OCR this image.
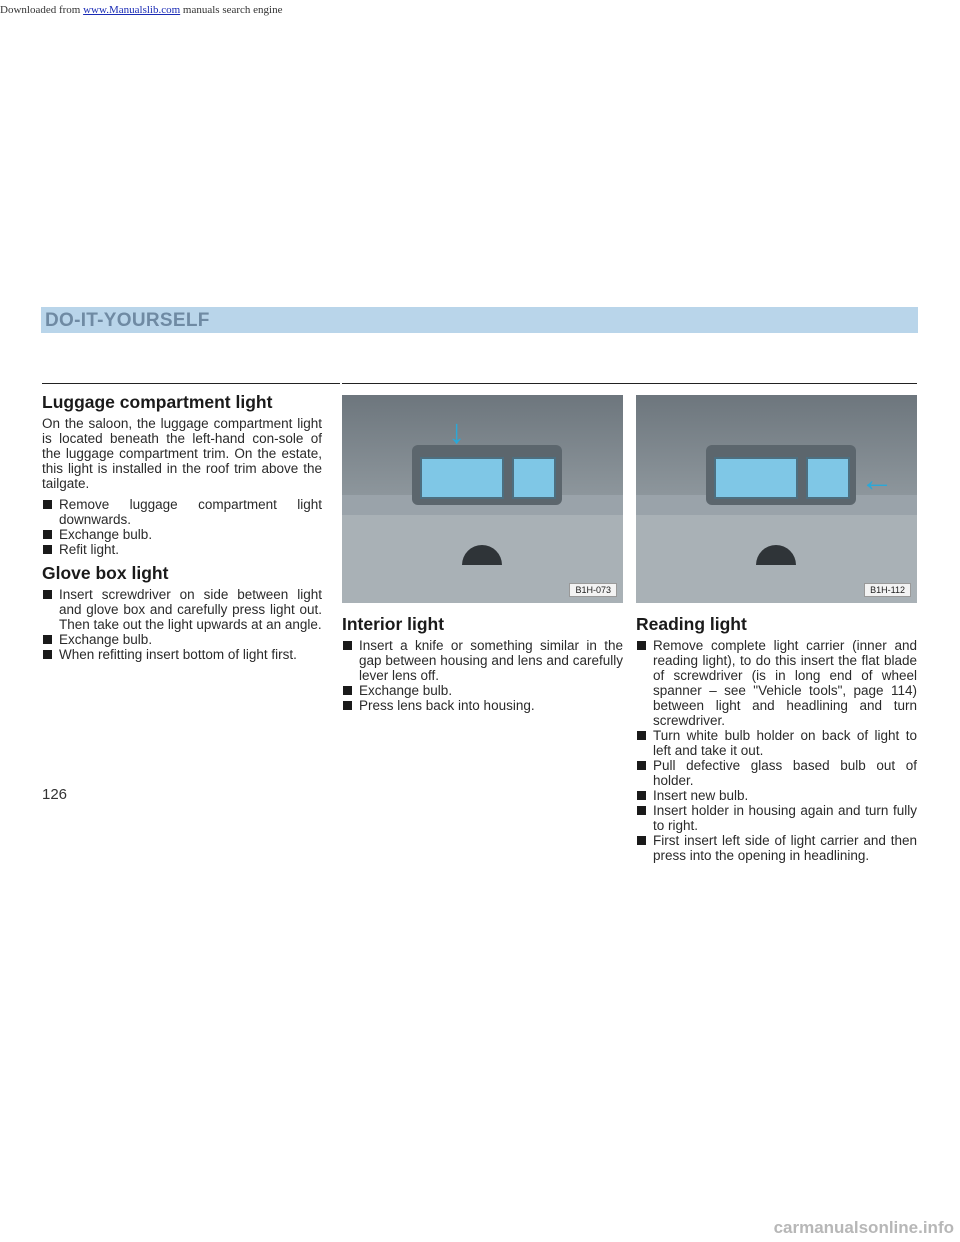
Downloaded from www.Manualslib.com manuals search engine
DO-IT-YOURSELF
Luggage compartment light

On the saloon, the luggage compartment light is located beneath the left-hand con-sole of the luggage compartment trim. On the estate, this light is installed in the roof trim above the tailgate.

Remove luggage compartment light downwards.
Exchange bulb.
Refit light.
Glove box light
Insert screwdriver on side between light and glove box and carefully press light out. Then take out the light upwards at an angle.
Exchange bulb.
When refitting insert bottom of light first.
↓
B1H-073
←
B1H-112
Interior light
Insert a knife or something similar in the gap between housing and lens and carefully lever lens off.
Exchange bulb.
Press lens back into housing.
Reading light
Remove complete light carrier (inner and reading light), to do this insert the flat blade of screwdriver (is in long end of wheel spanner – see "Vehicle tools", page 114) between light and headlining and turn screwdriver.
Turn white bulb holder on back of light to left and take it out.
Pull defective glass based bulb out of holder.
Insert new bulb.
Insert holder in housing again and turn fully to right.
First insert left side of light carrier and then press into the opening in headlining.
126
carmanualsonline.info
